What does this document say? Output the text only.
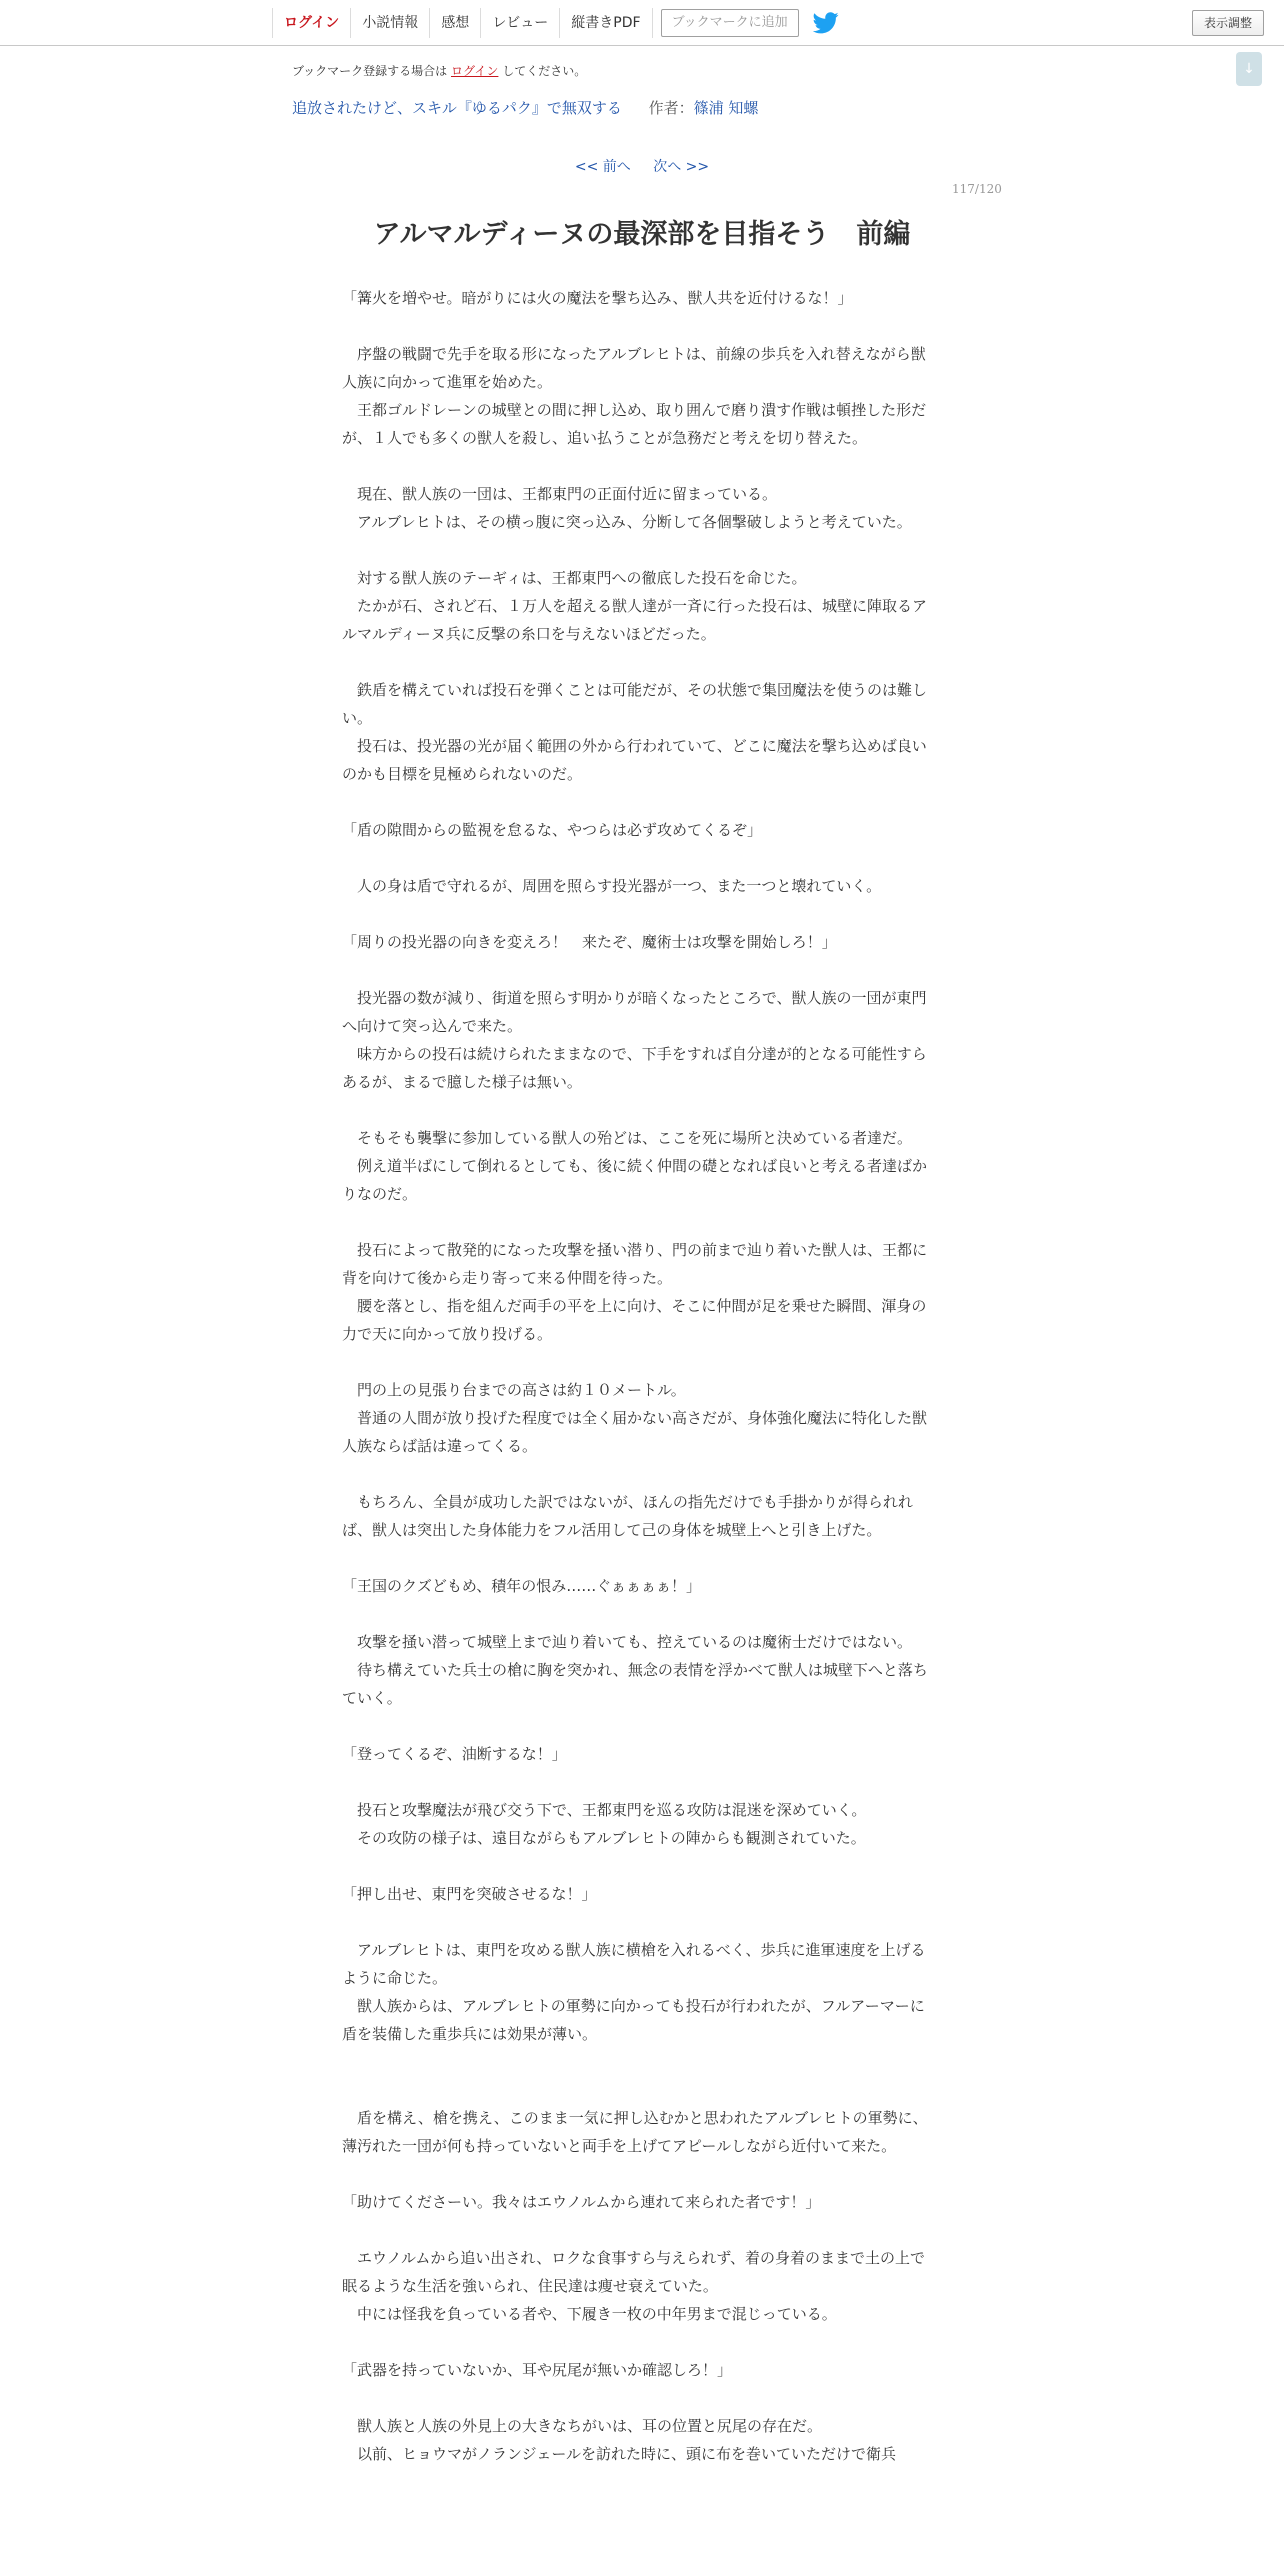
ログイン	小説情報	感想	レビュー	縦書きPDF	ブックマークに追加	表示調整
↓
ブックマーク登録する場合は ログイン してください。
追放されたけど、スキル『ゆるパク』で無双する 作者：篠浦 知螺
<< 前へ 次へ >>
117/120
アルマルディーヌの最深部を目指そう　前編

「篝火を増やせ。暗がりには火の魔法を撃ち込み、獣人共を近付けるな！」

　序盤の戦闘で先手を取る形になったアルブレヒトは、前線の歩兵を入れ替えながら獣人族に向かって進軍を始めた。

　王都ゴルドレーンの城壁との間に押し込め、取り囲んで磨り潰す作戦は頓挫した形だが、１人でも多くの獣人を殺し、追い払うことが急務だと考えを切り替えた。

　現在、獣人族の一団は、王都東門の正面付近に留まっている。

　アルブレヒトは、その横っ腹に突っ込み、分断して各個撃破しようと考えていた。

　対する獣人族のテーギィは、王都東門への徹底した投石を命じた。

　たかが石、されど石、１万人を超える獣人達が一斉に行った投石は、城壁に陣取るアルマルディーヌ兵に反撃の糸口を与えないほどだった。

　鉄盾を構えていれば投石を弾くことは可能だが、その状態で集団魔法を使うのは難しい。

　投石は、投光器の光が届く範囲の外から行われていて、どこに魔法を撃ち込めば良いのかも目標を見極められないのだ。

「盾の隙間からの監視を怠るな、やつらは必ず攻めてくるぞ」

　人の身は盾で守れるが、周囲を照らす投光器が一つ、また一つと壊れていく。

「周りの投光器の向きを変えろ！　来たぞ、魔術士は攻撃を開始しろ！」

　投光器の数が減り、街道を照らす明かりが暗くなったところで、獣人族の一団が東門へ向けて突っ込んで来た。

　味方からの投石は続けられたままなので、下手をすれば自分達が的となる可能性すらあるが、まるで臆した様子は無い。

　そもそも襲撃に参加している獣人の殆どは、ここを死に場所と決めている者達だ。

　例え道半ばにして倒れるとしても、後に続く仲間の礎となれば良いと考える者達ばかりなのだ。

　投石によって散発的になった攻撃を掻い潜り、門の前まで辿り着いた獣人は、王都に背を向けて後から走り寄って来る仲間を待った。

　腰を落とし、指を組んだ両手の平を上に向け、そこに仲間が足を乗せた瞬間、渾身の力で天に向かって放り投げる。

　門の上の見張り台までの高さは約１０メートル。

　普通の人間が放り投げた程度では全く届かない高さだが、身体強化魔法に特化した獣人族ならば話は違ってくる。

　もちろん、全員が成功した訳ではないが、ほんの指先だけでも手掛かりが得られれば、獣人は突出した身体能力をフル活用して己の身体を城壁上へと引き上げた。

「王国のクズどもめ、積年の恨み……ぐぁぁぁぁ！」

　攻撃を掻い潜って城壁上まで辿り着いても、控えているのは魔術士だけではない。

　待ち構えていた兵士の槍に胸を突かれ、無念の表情を浮かべて獣人は城壁下へと落ちていく。

「登ってくるぞ、油断するな！」

　投石と攻撃魔法が飛び交う下で、王都東門を巡る攻防は混迷を深めていく。

　その攻防の様子は、遠目ながらもアルブレヒトの陣からも観測されていた。

「押し出せ、東門を突破させるな！」

　アルブレヒトは、東門を攻める獣人族に横槍を入れるべく、歩兵に進軍速度を上げるように命じた。

　獣人族からは、アルブレヒトの軍勢に向かっても投石が行われたが、フルアーマーに盾を装備した重歩兵には効果が薄い。

　盾を構え、槍を携え、このまま一気に押し込むかと思われたアルブレヒトの軍勢に、薄汚れた一団が何も持っていないと両手を上げてアピールしながら近付いて来た。

「助けてくださーい。我々はエウノルムから連れて来られた者です！」

　エウノルムから追い出され、ロクな食事すら与えられず、着の身着のままで土の上で眠るような生活を強いられ、住民達は痩せ衰えていた。

　中には怪我を負っている者や、下履き一枚の中年男まで混じっている。

「武器を持っていないか、耳や尻尾が無いか確認しろ！」

　獣人族と人族の外見上の大きなちがいは、耳の位置と尻尾の存在だ。

　以前、ヒョウマがノランジェールを訪れた時に、頭に布を巻いていただけで衛兵
